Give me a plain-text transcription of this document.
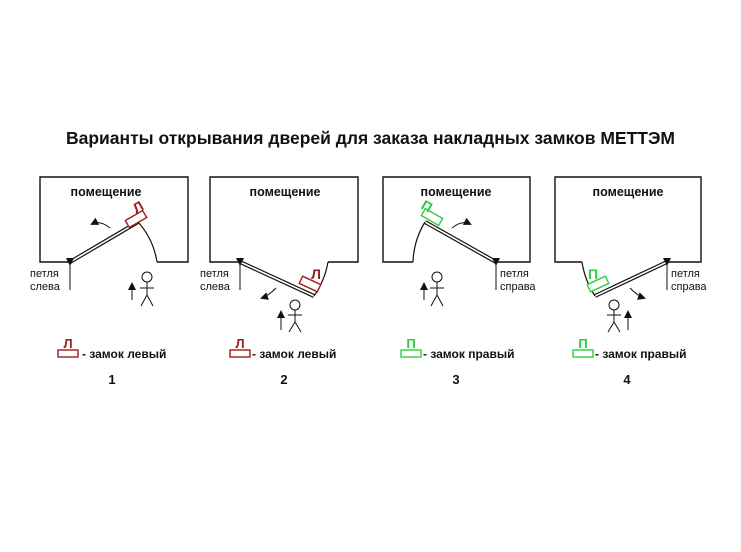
Варианты открывания дверей для заказа накладных замков МЕТТЭМ
помещение
Л
петля
слева
Л
- замок левый
1
помещение
Л
петля
слева
Л
- замок левый
2
помещение
П
петля
справа
П
- замок правый
3
помещение
П	петля
справа
П
- замок правый
4
